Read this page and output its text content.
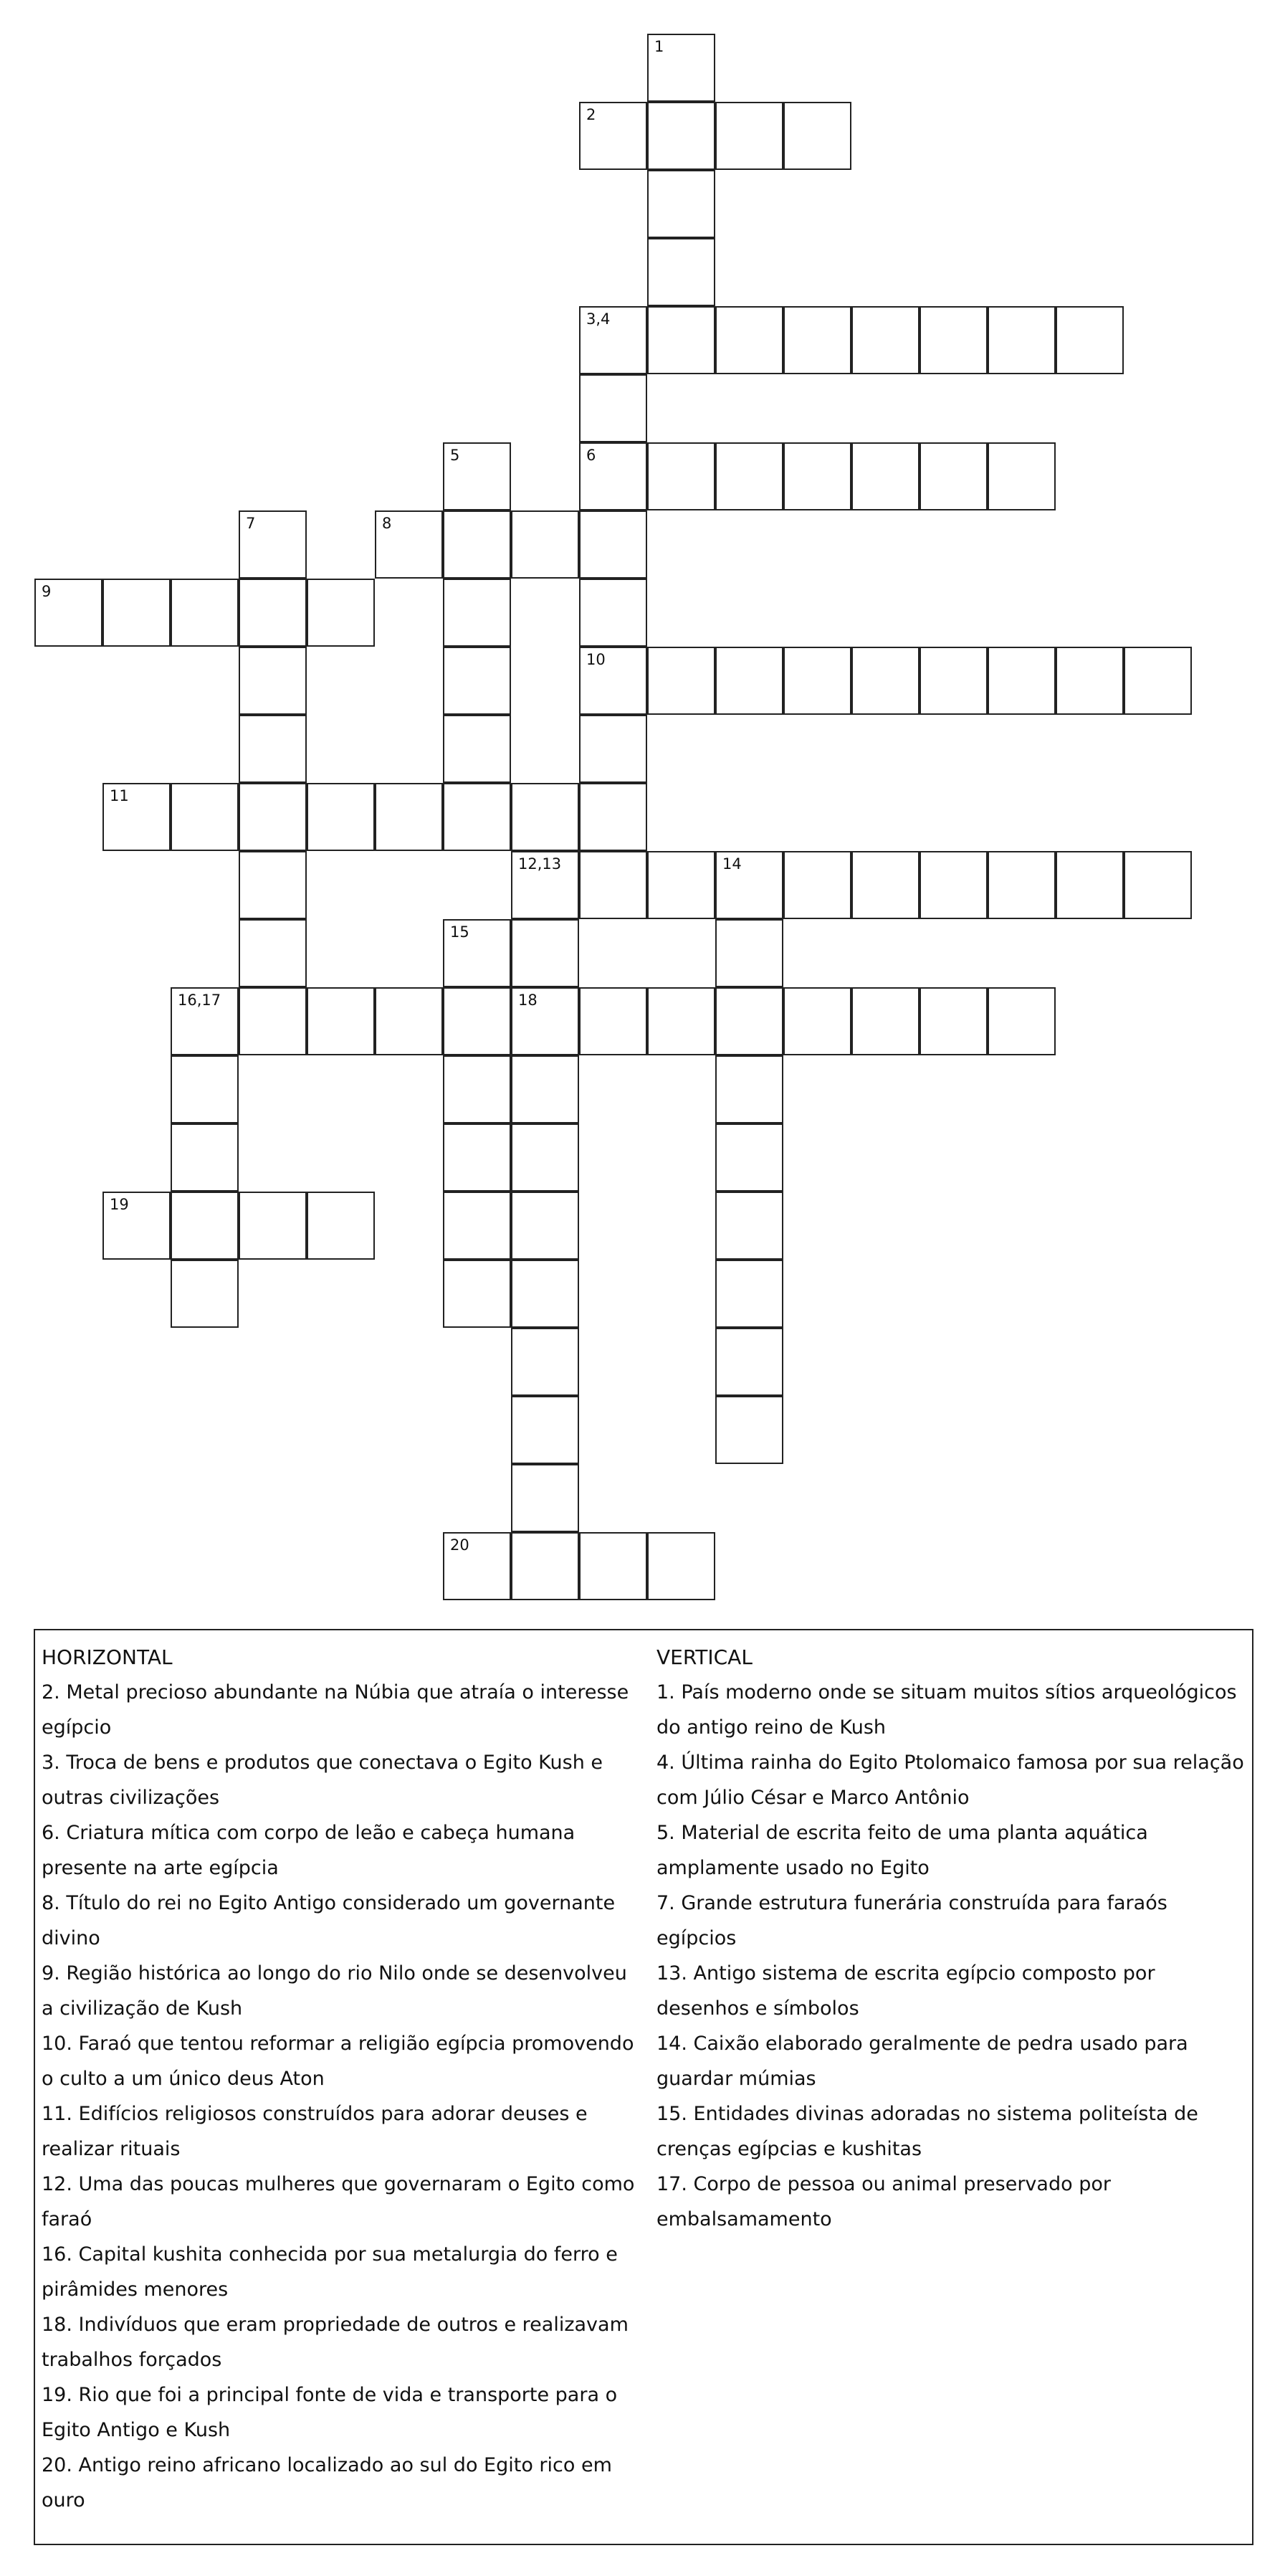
1
2
3,4
5	6
7	8
9
10
11
12,13	14
15
16,17	18
19
20
HORIZONTAL
2. Metal precioso abundante na Núbia que atraía o interesse egípcio
3. Troca de bens e produtos que conectava o Egito Kush e outras civilizações
6. Criatura mítica com corpo de leão e cabeça humana presente na arte egípcia
8. Título do rei no Egito Antigo considerado um governante divino
9. Região histórica ao longo do rio Nilo onde se desenvolveu a civilização de Kush
10. Faraó que tentou reformar a religião egípcia promovendo o culto a um único deus Aton
11. Edifícios religiosos construídos para adorar deuses e realizar rituais
12. Uma das poucas mulheres que governaram o Egito como faraó
16. Capital kushita conhecida por sua metalurgia do ferro e pirâmides menores
18. Indivíduos que eram propriedade de outros e realizavam trabalhos forçados
19. Rio que foi a principal fonte de vida e transporte para o Egito Antigo e Kush
20. Antigo reino africano localizado ao sul do Egito rico em ouro
VERTICAL
1. País moderno onde se situam muitos sítios arqueológicos do antigo reino de Kush
4. Última rainha do Egito Ptolomaico famosa por sua relação com Júlio César e Marco Antônio
5. Material de escrita feito de uma planta aquática amplamente usado no Egito
7. Grande estrutura funerária construída para faraós egípcios
13. Antigo sistema de escrita egípcio composto por desenhos e símbolos
14. Caixão elaborado geralmente de pedra usado para guardar múmias
15. Entidades divinas adoradas no sistema politeísta de crenças egípcias e kushitas
17. Corpo de pessoa ou animal preservado por embalsamamento
